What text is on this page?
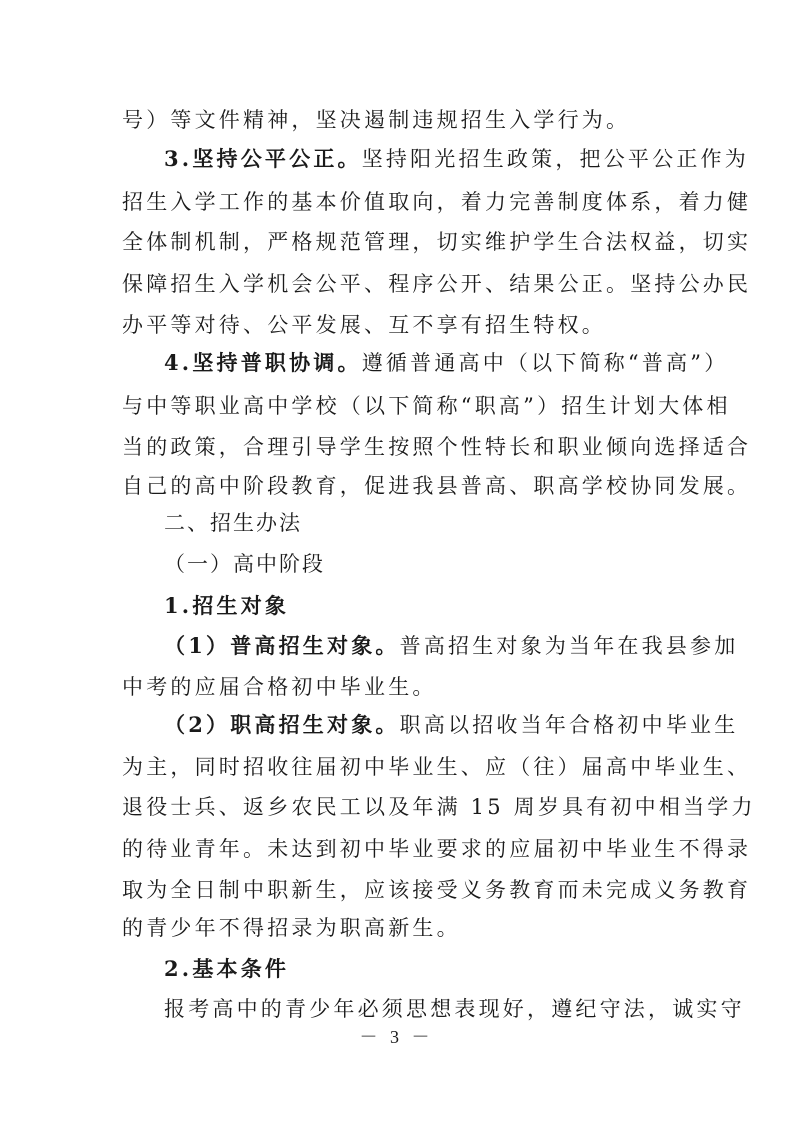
号）等文件精神，坚决遏制违规招生入学行为。
3.坚持公平公正。坚持阳光招生政策，把公平公正作为
招生入学工作的基本价值取向，着力完善制度体系，着力健
全体制机制，严格规范管理，切实维护学生合法权益，切实
保障招生入学机会公平、程序公开、结果公正。坚持公办民
办平等对待、公平发展、互不享有招生特权。
4.坚持普职协调。遵循普通高中（以下简称“普高”）
与中等职业高中学校（以下简称“职高”）招生计划大体相
当的政策，合理引导学生按照个性特长和职业倾向选择适合
自己的高中阶段教育，促进我县普高、职高学校协同发展。
二、招生办法
（一）高中阶段
1.招生对象
（1）普高招生对象。普高招生对象为当年在我县参加
中考的应届合格初中毕业生。
（2）职高招生对象。职高以招收当年合格初中毕业生
为主，同时招收往届初中毕业生、应（往）届高中毕业生、
退役士兵、返乡农民工以及年满 15 周岁具有初中相当学力
的待业青年。未达到初中毕业要求的应届初中毕业生不得录
取为全日制中职新生，应该接受义务教育而未完成义务教育
的青少年不得招录为职高新生。
2.基本条件
报考高中的青少年必须思想表现好，遵纪守法，诚实守
－ 3 －
